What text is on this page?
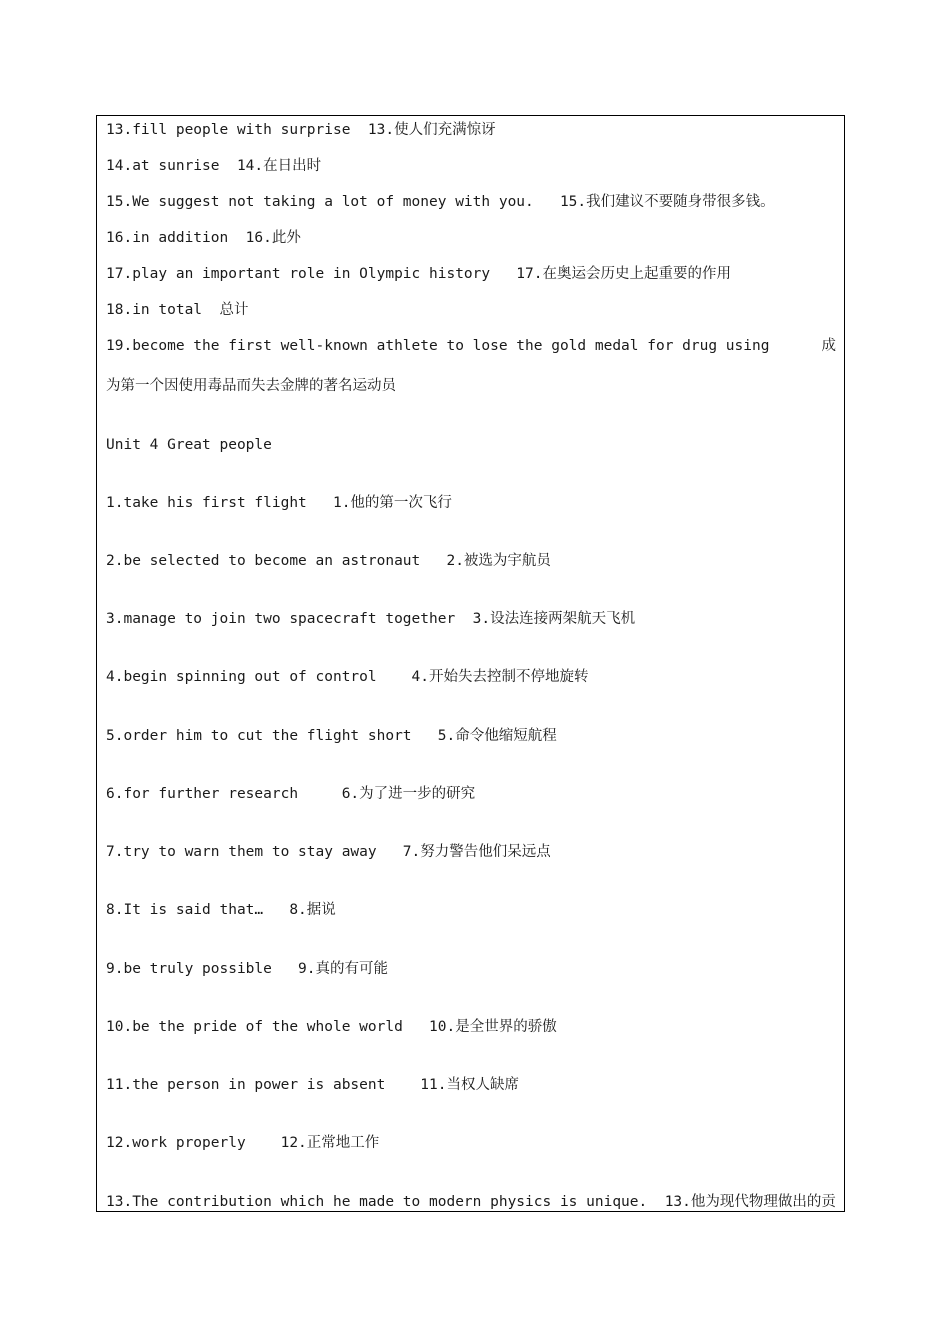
13.fill people with surprise  13.使人们充满惊讶
14.at sunrise  14.在日出时
15.We suggest not taking a lot of money with you.   15.我们建议不要随身带很多钱。
16.in addition  16.此外
17.play an important role in Olympic history   17.在奥运会历史上起重要的作用
18.in total  总计
19.become the first well-known athlete to lose the gold medal for drug using	成
为第一个因使用毒品而失去金牌的著名运动员
Unit 4 Great people
1.take his first flight   1.他的第一次飞行
2.be selected to become an astronaut   2.被选为宇航员
3.manage to join two spacecraft together  3.设法连接两架航天飞机
4.begin spinning out of control    4.开始失去控制不停地旋转
5.order him to cut the flight short   5.命令他缩短航程
6.for further research     6.为了进一步的研究
7.try to warn them to stay away   7.努力警告他们呆远点
8.It is said that…   8.据说
9.be truly possible   9.真的有可能
10.be the pride of the whole world   10.是全世界的骄傲
11.the person in power is absent    11.当权人缺席
12.work properly    12.正常地工作
13.The contribution which he made to modern physics is unique.  13.他为现代物理做出的贡
